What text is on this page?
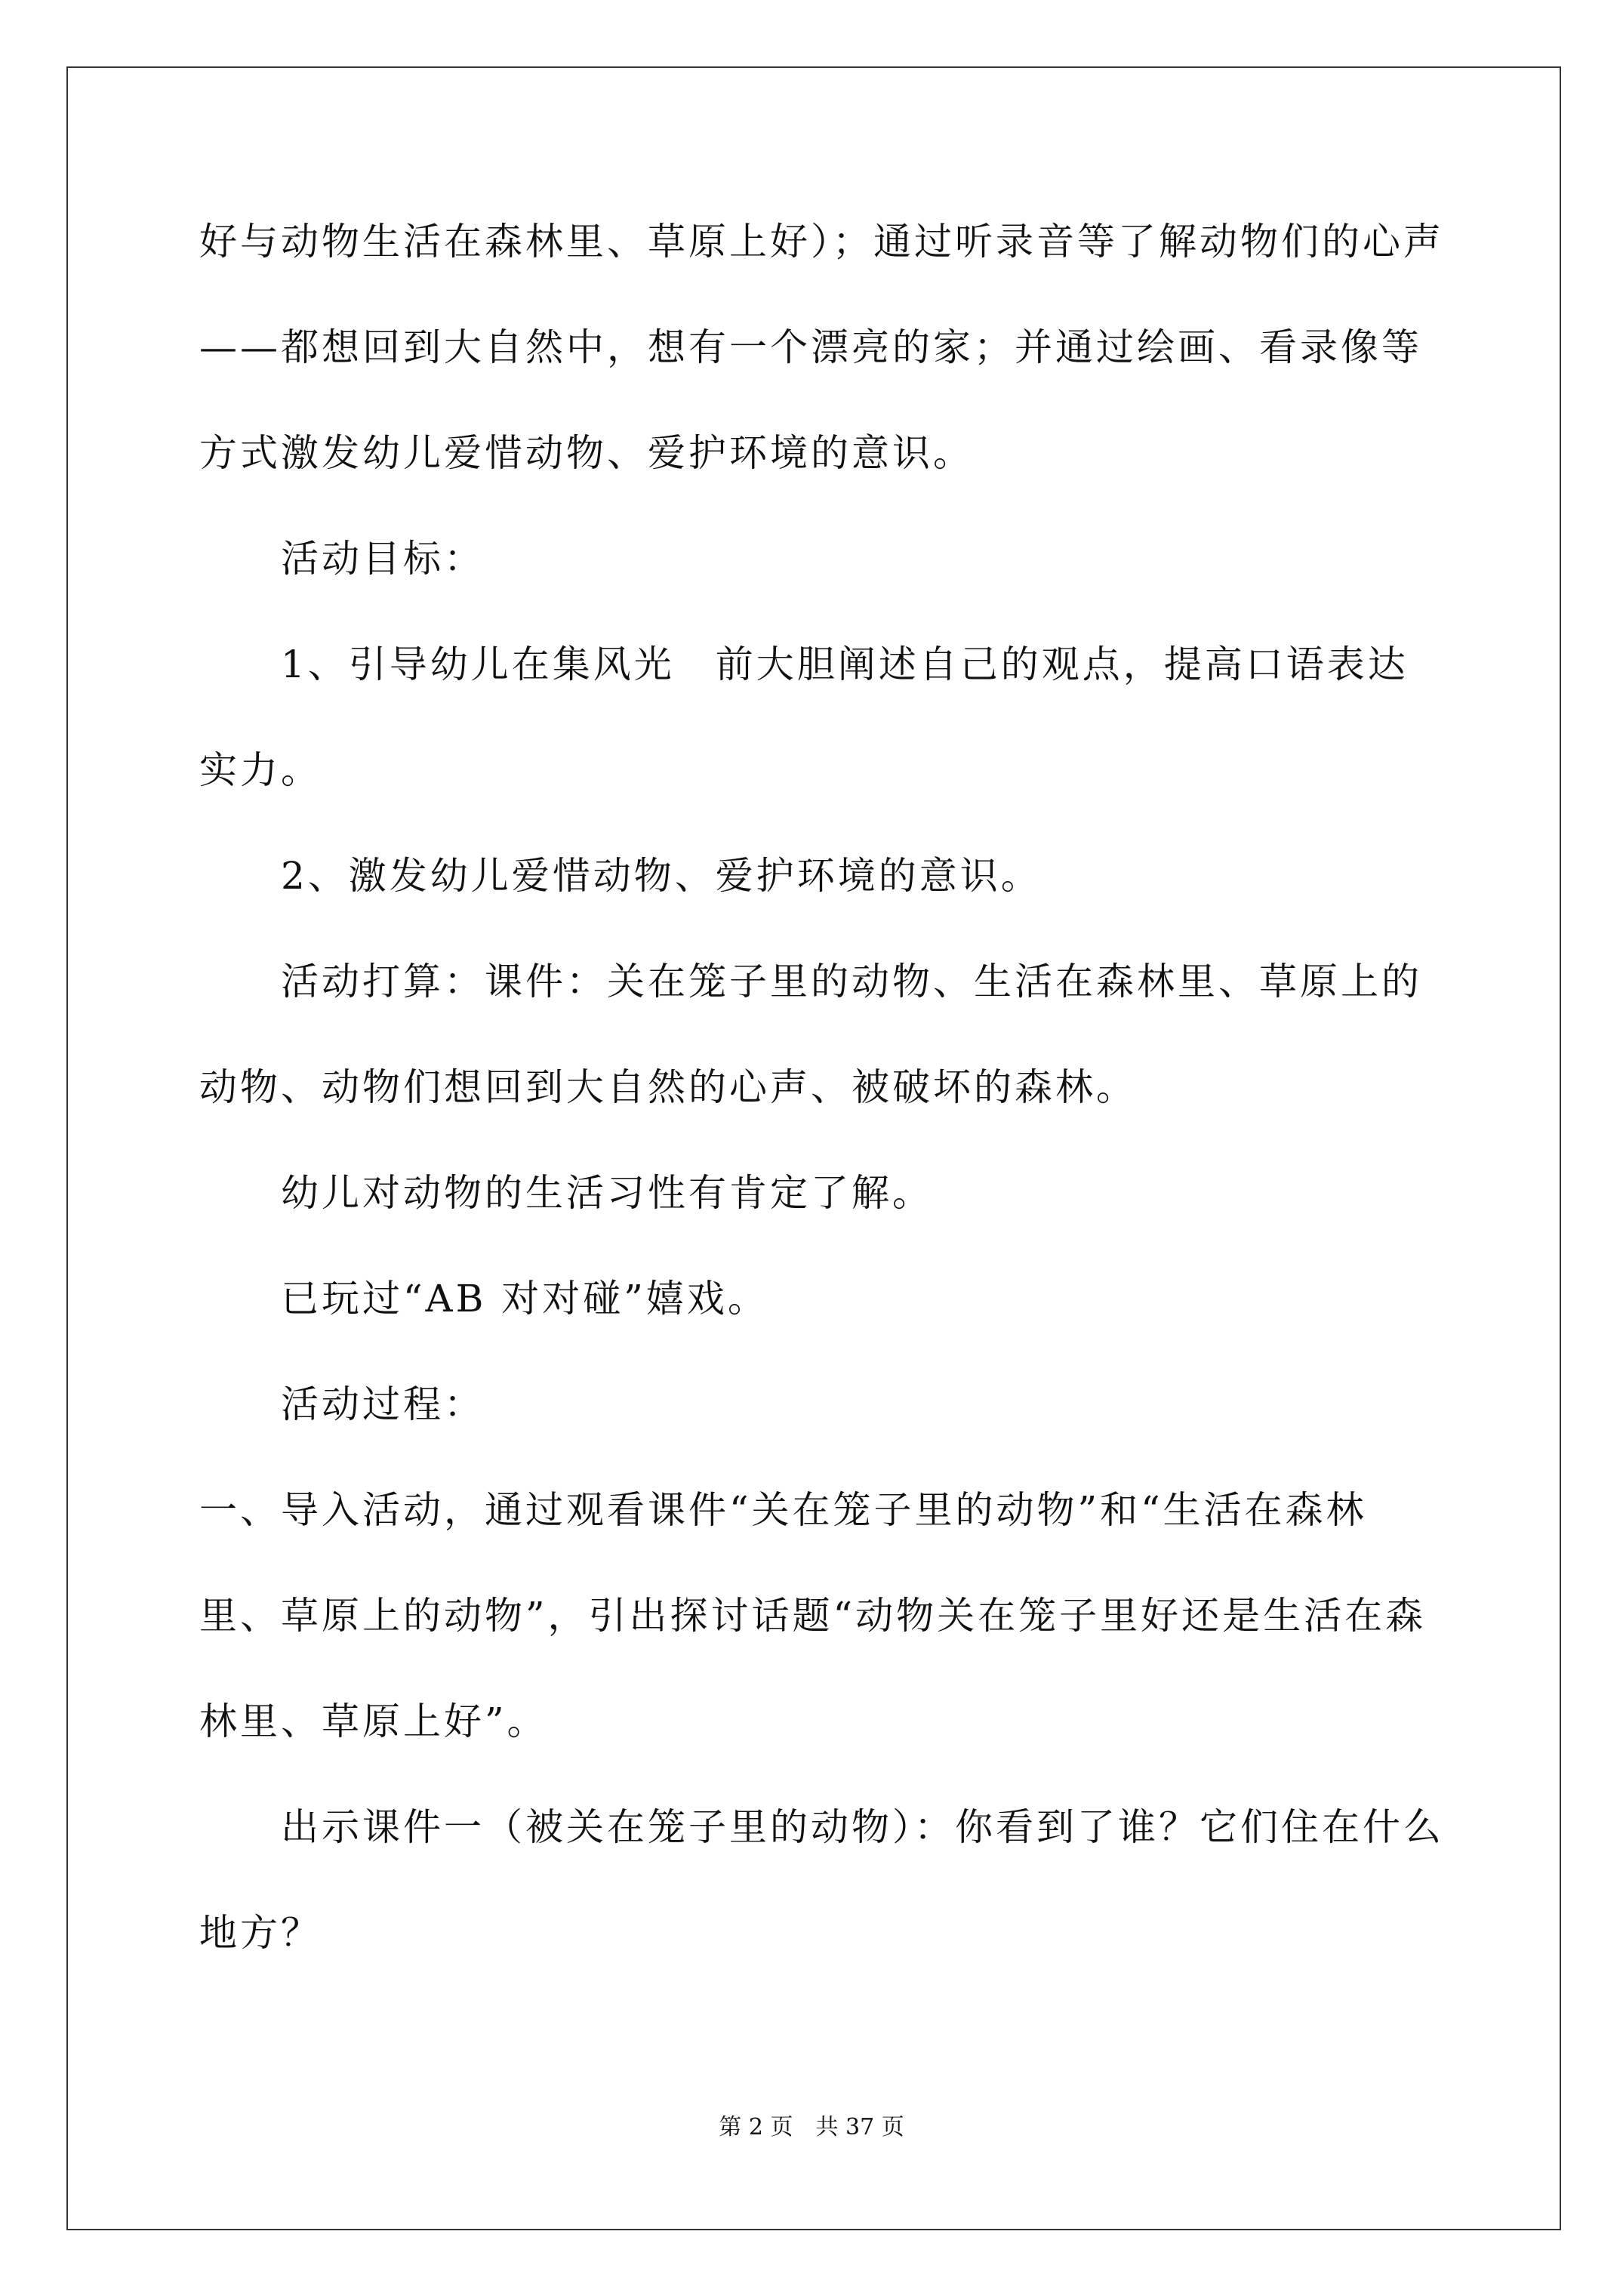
好与动物生活在森林里、草原上好）；通过听录音等了解动物们的心声
——都想回到大自然中，想有一个漂亮的家；并通过绘画、看录像等
方式激发幼儿爱惜动物、爱护环境的意识。
活动目标：
1、引导幼儿在集风光　前大胆阐述自己的观点，提高口语表达
实力。
2、激发幼儿爱惜动物、爱护环境的意识。
活动打算：课件：关在笼子里的动物、生活在森林里、草原上的
动物、动物们想回到大自然的心声、被破坏的森林。
幼儿对动物的生活习性有肯定了解。
已玩过“AB 对对碰”嬉戏。
活动过程：
一、导入活动，通过观看课件“关在笼子里的动物”和“生活在森林
里、草原上的动物”，引出探讨话题“动物关在笼子里好还是生活在森
林里、草原上好”。
出示课件一（被关在笼子里的动物）：你看到了谁？它们住在什么
地方？
第 2 页　共 37 页
